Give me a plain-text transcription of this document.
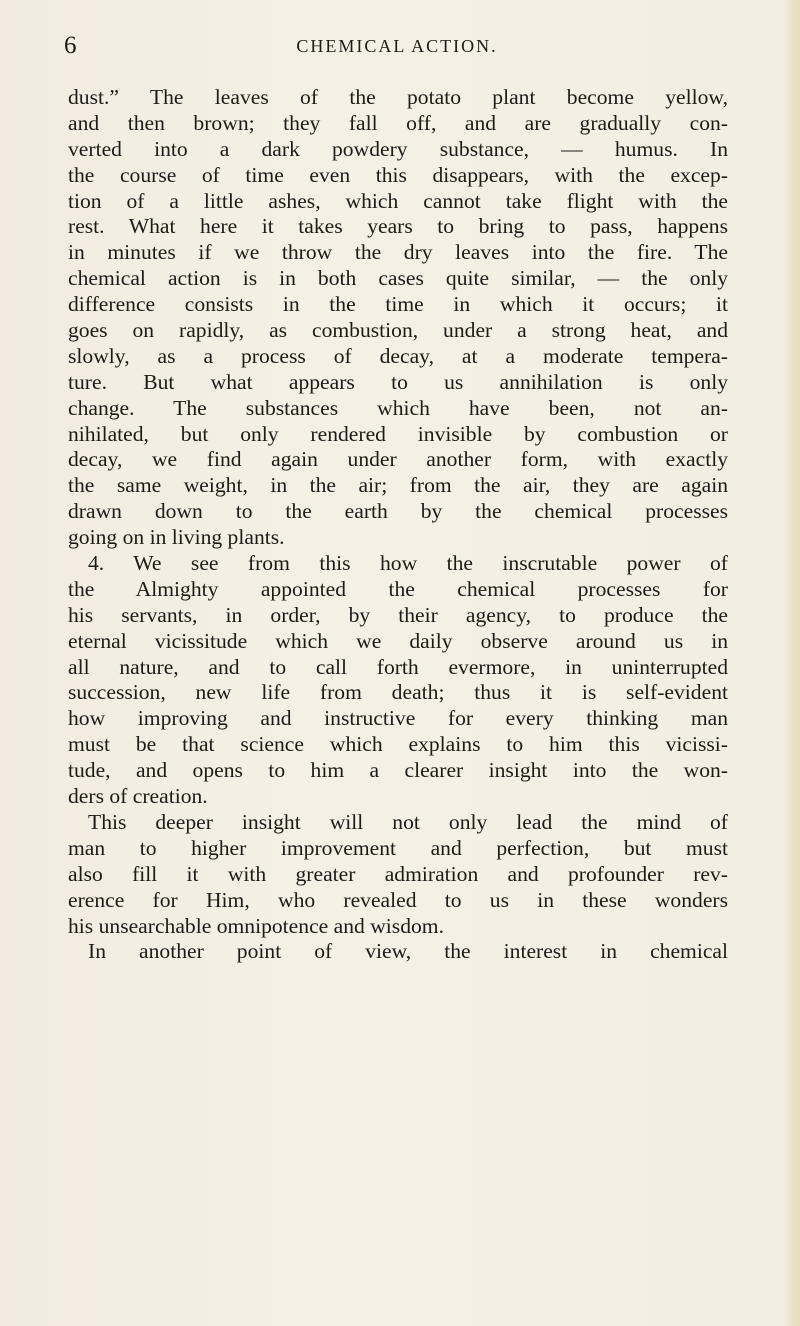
6	CHEMICAL ACTION.
dust.” The leaves of the potato plant become yellow,
and then brown; they fall off, and are gradually con-
verted into a dark powdery substance, — humus. In
the course of time even this disappears, with the excep-
tion of a little ashes, which cannot take flight with the
rest. What here it takes years to bring to pass, happens
in minutes if we throw the dry leaves into the fire. The
chemical action is in both cases quite similar, — the only
difference consists in the time in which it occurs; it
goes on rapidly, as combustion, under a strong heat, and
slowly, as a process of decay, at a moderate tempera-
ture. But what appears to us annihilation is only
change. The substances which have been, not an-
nihilated, but only rendered invisible by combustion or
decay, we find again under another form, with exactly
the same weight, in the air; from the air, they are again
drawn down to the earth by the chemical processes
going on in living plants.
4. We see from this how the inscrutable power of
the Almighty appointed the chemical processes for
his servants, in order, by their agency, to produce the
eternal vicissitude which we daily observe around us in
all nature, and to call forth evermore, in uninterrupted
succession, new life from death; thus it is self-evident
how improving and instructive for every thinking man
must be that science which explains to him this vicissi-
tude, and opens to him a clearer insight into the won-
ders of creation.
This deeper insight will not only lead the mind of
man to higher improvement and perfection, but must
also fill it with greater admiration and profounder rev-
erence for Him, who revealed to us in these wonders
his unsearchable omnipotence and wisdom.
In another point of view, the interest in chemical
